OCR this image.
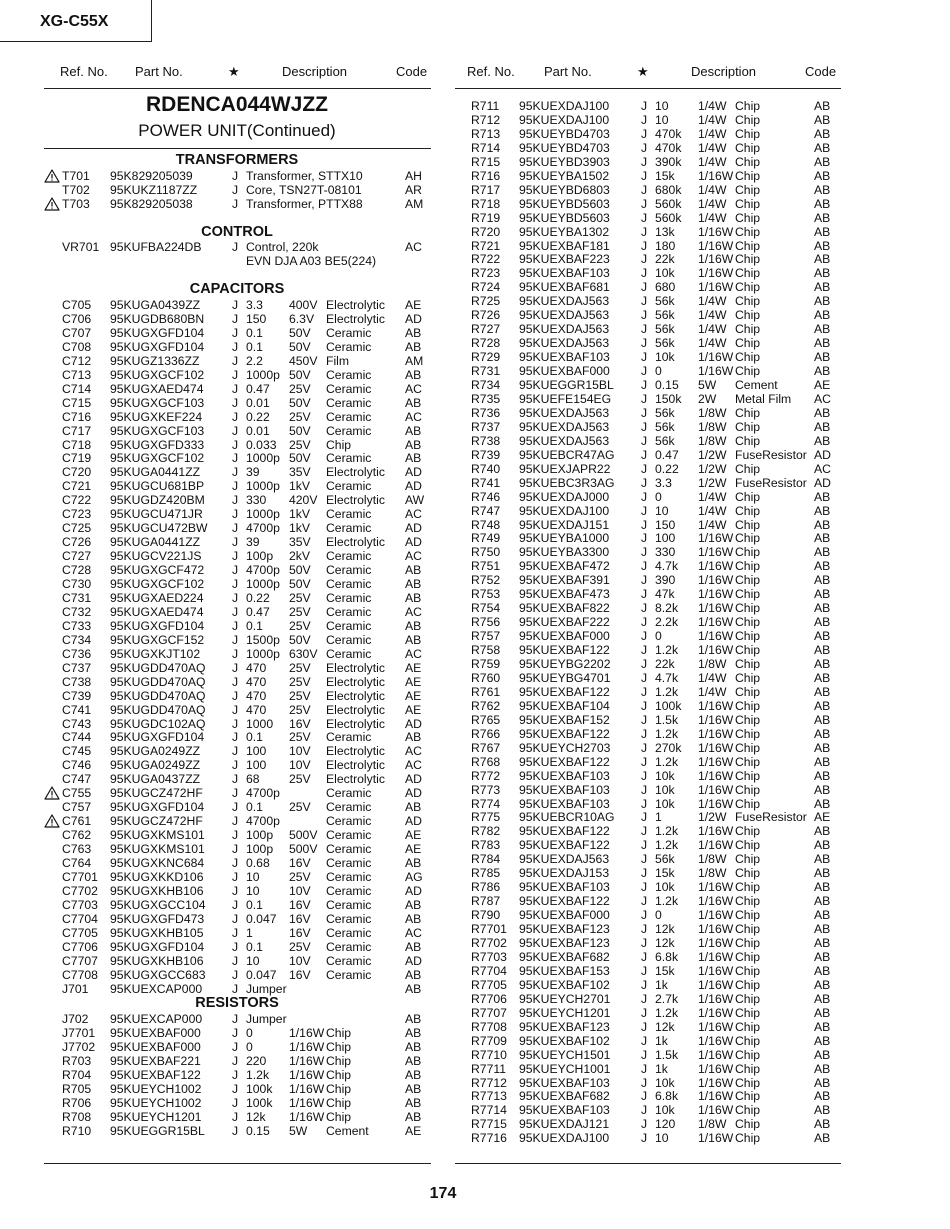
XG-C55X
Ref. No. Part No.	★	Description	Code	Ref. No. Part No.	★	Description	Code
RDENCA044WJZZ
POWER UNIT(Continued)
TRANSFORMERS
CONTROL
CAPACITORS
RESISTORS
T701 95K829205039	J Transformer, STTX10	AH
T702 95KUKZ1187ZZ	J Core, TSN27T-08101	AR
T703 95K829205038	J Transformer, PTTX88	AM
VR701 95KUFBA224DB	J Control, 220k	AC
EVN DJA A03 BE5(224)
C705 95KUGA0439ZZ	J 3.3 400V Electrolytic AE
C706 95KUGDB680BN J 150 6.3V Electrolytic AD
C707 95KUGXGFD104 J 0.1 50V Ceramic	AB
C708 95KUGXGFD104 J 0.1 50V Ceramic	AB
C712 95KUGZ1336ZZ	J 2.2 450V Film	AM
C713 95KUGXGCF102 J 1000p 50V Ceramic	AB
C714 95KUGXAED474 J 0.47 25V Ceramic	AC
C715 95KUGXGCF103 J 0.01 50V Ceramic	AB
C716 95KUGXKEF224 J 0.22 25V Ceramic	AC
C717 95KUGXGCF103 J 0.01 50V Ceramic	AB
C718 95KUGXGFD333 J 0.033 25V Chip	AB
C719 95KUGXGCF102 J 1000p 50V Ceramic	AB
C720 95KUGA0441ZZ	J 39 35V Electrolytic AD
C721 95KUGCU681BP J 1000p 1kV Ceramic	AD
C722 95KUGDZ420BM J 330 420V Electrolytic AW
C723 95KUGCU471JR J 1000p 1kV Ceramic	AC
C725 95KUGCU472BW J 4700p 1kV Ceramic	AD
C726 95KUGA0441ZZ	J 39 35V Electrolytic AD
C727 95KUGCV221JS	J 100p 2kV Ceramic	AC
C728 95KUGXGCF472 J 4700p 50V Ceramic	AB
C730 95KUGXGCF102 J 1000p 50V Ceramic	AB
C731 95KUGXAED224 J 0.22 25V Ceramic	AB
C732 95KUGXAED474 J 0.47 25V Ceramic	AC
C733 95KUGXGFD104 J 0.1 25V Ceramic	AB
C734 95KUGXGCF152 J 1500p 50V Ceramic	AB
C736 95KUGXKJT102	J 1000p 630V Ceramic	AC
C737 95KUGDD470AQ J 470 25V Electrolytic AE
C738 95KUGDD470AQ J 470 25V Electrolytic AE
C739 95KUGDD470AQ J 470 25V Electrolytic AE
C741 95KUGDD470AQ J 470 25V Electrolytic AE
C743 95KUGDC102AQ J 1000 16V Electrolytic AD
C744 95KUGXGFD104 J 0.1 25V Ceramic	AB
C745 95KUGA0249ZZ	J 100 10V Electrolytic AC
C746 95KUGA0249ZZ	J 100 10V Electrolytic AC
C747 95KUGA0437ZZ	J 68 25V Electrolytic AD
C755 95KUGCZ472HF J 4700p	Ceramic	AD
C757 95KUGXGFD104 J 0.1 25V Ceramic	AB
C761 95KUGCZ472HF J 4700p	Ceramic	AD
C762 95KUGXKMS101 J 100p 500V Ceramic	AE
C763 95KUGXKMS101 J 100p 500V Ceramic	AE
C764 95KUGXKNC684 J 0.68 16V Ceramic	AB
C7701 95KUGXKKD106 J 10 25V Ceramic	AG
C7702 95KUGXKHB106 J 10 10V Ceramic	AD
C7703 95KUGXGCC104 J 0.1 16V Ceramic	AB
C7704 95KUGXGFD473 J 0.047 16V Ceramic	AB
C7705 95KUGXKHB105 J 1	16V Ceramic	AC
C7706 95KUGXGFD104 J 0.1 25V Ceramic	AB
C7707 95KUGXKHB106 J 10 10V Ceramic	AD
C7708 95KUGXGCC683 J 0.047 16V Ceramic	AB
J701 95KUEXCAP000 J Jumper	AB
J702 95KUEXCAP000 J Jumper	AB
J7701 95KUEXBAF000	J 0	1/16W Chip	AB
J7702 95KUEXBAF000	J 0	1/16W Chip	AB
R703 95KUEXBAF221	J 220 1/16W Chip	AB
R704 95KUEXBAF122	J 1.2k 1/16W Chip	AB
R705 95KUEYCH1002	J 100k 1/16W Chip	AB
R706 95KUEYCH1002	J 100k 1/16W Chip	AB
R708 95KUEYCH1201	J 12k 1/16W Chip	AB
R710 95KUEGGR15BL J 0.15 5W Cement	AE
R711 95KUEXDAJ100	J 10 1/4W Chip	AB
R712 95KUEXDAJ100	J 10 1/4W Chip	AB
R713 95KUEYBD4703	J 470k 1/4W Chip	AB
R714 95KUEYBD4703	J 470k 1/4W Chip	AB
R715 95KUEYBD3903	J 390k 1/4W Chip	AB
R716 95KUEYBA1502	J 15k 1/16W Chip	AB
R717 95KUEYBD6803	J 680k 1/4W Chip	AB
R718 95KUEYBD5603	J 560k 1/4W Chip	AB
R719 95KUEYBD5603	J 560k 1/4W Chip	AB
R720 95KUEYBA1302	J 13k 1/16W Chip	AB
R721 95KUEXBAF181	J 180 1/16W Chip	AB
R722 95KUEXBAF223	J 22k 1/16W Chip	AB
R723 95KUEXBAF103	J 10k 1/16W Chip	AB
R724 95KUEXBAF681	J 680 1/16W Chip	AB
R725 95KUEXDAJ563	J 56k 1/4W Chip	AB
R726 95KUEXDAJ563	J 56k 1/4W Chip	AB
R727 95KUEXDAJ563	J 56k 1/4W Chip	AB
R728 95KUEXDAJ563	J 56k 1/4W Chip	AB
R729 95KUEXBAF103	J 10k 1/16W Chip	AB
R731 95KUEXBAF000	J 0	1/16W Chip	AB
R734 95KUEGGR15BL J 0.15 5W Cement	AE
R735 95KUEFE154EG J 150k 2W Metal Film AC
R736 95KUEXDAJ563	J 56k 1/8W Chip	AB
R737 95KUEXDAJ563	J 56k 1/8W Chip	AB
R738 95KUEXDAJ563	J 56k 1/8W Chip	AB
R739 95KUEBCR47AG J 0.47 1/2W FuseResistor AD
R740 95KUEXJAPR22	J 0.22 1/2W Chip	AC
R741 95KUEBC3R3AG J 3.3 1/2W FuseResistor AD
R746 95KUEXDAJ000	J 0	1/4W Chip	AB
R747 95KUEXDAJ100	J 10 1/4W Chip	AB
R748 95KUEXDAJ151	J 150 1/4W Chip	AB
R749 95KUEYBA1000	J 100 1/16W Chip	AB
R750 95KUEYBA3300	J 330 1/16W Chip	AB
R751 95KUEXBAF472	J 4.7k 1/16W Chip	AB
R752 95KUEXBAF391	J 390 1/16W Chip	AB
R753 95KUEXBAF473	J 47k 1/16W Chip	AB
R754 95KUEXBAF822	J 8.2k 1/16W Chip	AB
R756 95KUEXBAF222	J 2.2k 1/16W Chip	AB
R757 95KUEXBAF000	J 0	1/16W Chip	AB
R758 95KUEXBAF122	J 1.2k 1/16W Chip	AB
R759 95KUEYBG2202	J 22k 1/8W Chip	AB
R760 95KUEYBG4701	J 4.7k 1/4W Chip	AB
R761 95KUEXBAF122	J 1.2k 1/4W Chip	AB
R762 95KUEXBAF104	J 100k 1/16W Chip	AB
R765 95KUEXBAF152	J 1.5k 1/16W Chip	AB
R766 95KUEXBAF122	J 1.2k 1/16W Chip	AB
R767 95KUEYCH2703	J 270k 1/16W Chip	AB
R768 95KUEXBAF122	J 1.2k 1/16W Chip	AB
R772 95KUEXBAF103	J 10k 1/16W Chip	AB
R773 95KUEXBAF103	J 10k 1/16W Chip	AB
R774 95KUEXBAF103	J 10k 1/16W Chip	AB
R775 95KUEBCR10AG J 1	1/2W FuseResistor AE
R782 95KUEXBAF122	J 1.2k 1/16W Chip	AB
R783 95KUEXBAF122	J 1.2k 1/16W Chip	AB
R784 95KUEXDAJ563	J 56k 1/8W Chip	AB
R785 95KUEXDAJ153	J 15k 1/8W Chip	AB
R786 95KUEXBAF103	J 10k 1/16W Chip	AB
R787 95KUEXBAF122	J 1.2k 1/16W Chip	AB
R790 95KUEXBAF000	J 0	1/16W Chip	AB
R7701 95KUEXBAF123	J 12k 1/16W Chip	AB
R7702 95KUEXBAF123	J 12k 1/16W Chip	AB
R7703 95KUEXBAF682	J 6.8k 1/16W Chip	AB
R7704 95KUEXBAF153	J 15k 1/16W Chip	AB
R7705 95KUEXBAF102	J 1k 1/16W Chip	AB
R7706 95KUEYCH2701	J 2.7k 1/16W Chip	AB
R7707 95KUEYCH1201	J 1.2k 1/16W Chip	AB
R7708 95KUEXBAF123	J 12k 1/16W Chip	AB
R7709 95KUEXBAF102	J 1k 1/16W Chip	AB
R7710 95KUEYCH1501	J 1.5k 1/16W Chip	AB
R7711 95KUEYCH1001	J 1k 1/16W Chip	AB
R7712 95KUEXBAF103	J 10k 1/16W Chip	AB
R7713 95KUEXBAF682	J 6.8k 1/16W Chip	AB
R7714 95KUEXBAF103	J 10k 1/16W Chip	AB
R7715 95KUEXDAJ121	J 120 1/8W Chip	AB
R7716 95KUEXDAJ100	J 10 1/16W Chip	AB
174
